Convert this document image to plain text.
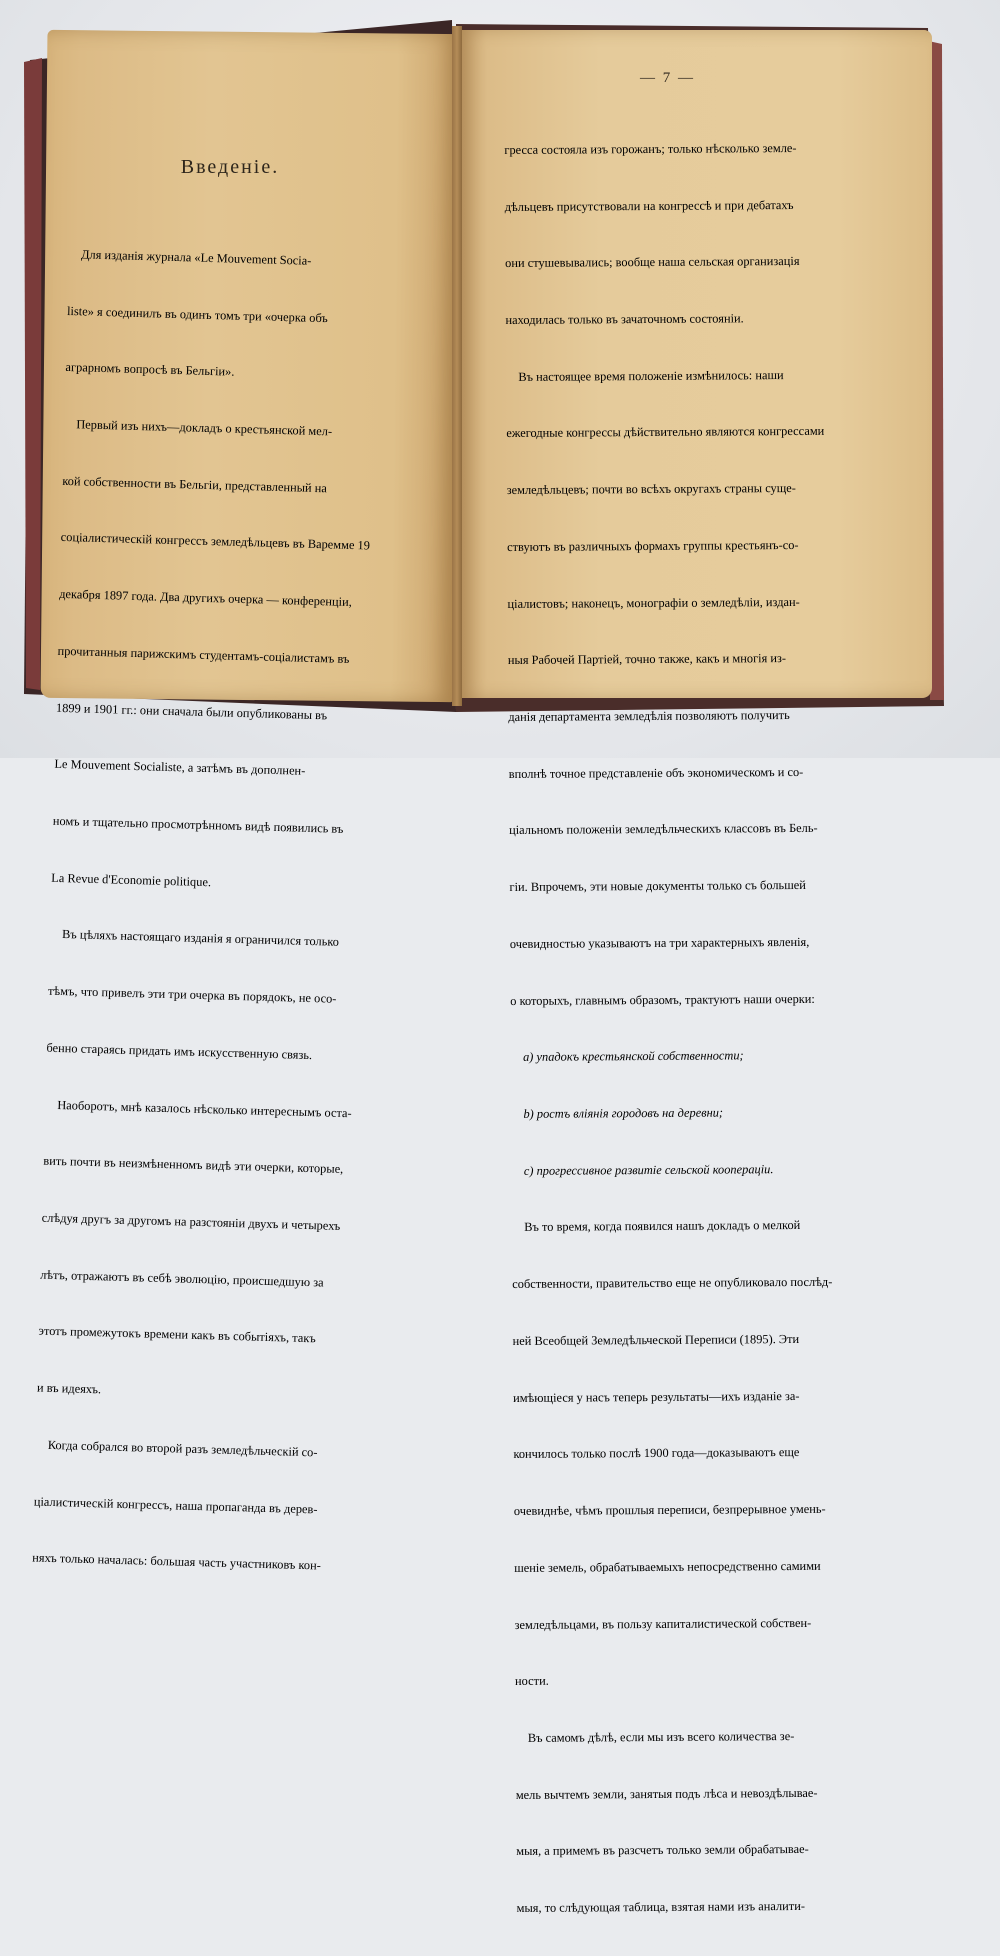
Введеніе.
— 7 —

Для изданія журнала «Le Mouvement Socia-

liste» я соединилъ въ одинъ томъ три «очерка объ

аграрномъ вопросѣ въ Бельгіи».

Первый изъ нихъ—докладъ о крестьянской мел-

кой собственности въ Бельгіи, представленный на

соціалистическій конгрессъ земледѣльцевъ въ Варемме 19

декабря 1897 года. Два другихъ очерка — конференціи,

прочитанныя парижскимъ студентамъ-соціалистамъ въ

1899 и 1901 гг.: они сначала были опубликованы въ

Le Mouvement Socialiste, а затѣмъ въ дополнен-

номъ и тщательно просмотрѣнномъ видѣ появились въ

La Revue d'Economie politique.

Въ цѣляхъ настоящаго изданія я ограничился только

тѣмъ, что привелъ эти три очерка въ порядокъ, не осо-

бенно стараясь придать имъ искусственную связь.

Наоборотъ, мнѣ казалось нѣсколько интереснымъ оста-

вить почти въ неизмѣненномъ видѣ эти очерки, которые,

слѣдуя другъ за другомъ на разстояніи двухъ и четырехъ

лѣтъ, отражаютъ въ себѣ эволюцію, происшедшую за

этотъ промежутокъ времени какъ въ событіяхъ, такъ

и въ идеяхъ.

Когда собрался во второй разъ земледѣльческій со-

ціалистическій конгрессъ, наша пропаганда въ дерев-

няхъ только началась: большая часть участниковъ кон-

гресса состояла изъ горожанъ; только нѣсколько земле-

дѣльцевъ присутствовали на конгрессѣ и при дебатахъ

они стушевывались; вообще наша сельская организація

находилась только въ зачаточномъ состояніи.

Въ настоящее время положеніе измѣнилось: наши

ежегодные конгрессы дѣйствительно являются конгрессами

земледѣльцевъ; почти во всѣхъ округахъ страны суще-

ствуютъ въ различныхъ формахъ группы крестьянъ-со-

ціалистовъ; наконецъ, монографіи о земледѣліи, издан-

ныя Рабочей Партіей, точно также, какъ и многія из-

данія департамента земледѣлія позволяютъ получить

вполнѣ точное представленіе объ экономическомъ и со-

ціальномъ положеніи земледѣльческихъ классовъ въ Бель-

гіи. Впрочемъ, эти новые документы только съ большей

очевидностью указываютъ на три характерныхъ явленія,

о которыхъ, главнымъ образомъ, трактуютъ наши очерки:

а) упадокъ крестьянской собственности;

b) ростъ вліянія городовъ на деревни;

c) прогрессивное развитіе сельской коопераціи.

Въ то время, когда появился нашъ докладъ о мелкой

собственности, правительство еще не опубликовало послѣд-

ней Всеобщей Земледѣльческой Переписи (1895). Эти

имѣющіеся у насъ теперь результаты—ихъ изданіе за-

кончилось только послѣ 1900 года—доказываютъ еще

очевиднѣе, чѣмъ прошлыя переписи, безпрерывное умень-

шеніе земель, обрабатываемыхъ непосредственно самими

земледѣльцами, въ пользу капиталистической собствен-

ности.

Въ самомъ дѣлѣ, если мы изъ всего количества зе-

мель вычтемъ земли, занятыя подъ лѣса и невоздѣлывае-

мыя, а примемъ въ разсчетъ только земли обрабатывае-

мыя, то слѣдующая таблица, взятая нами изъ аналити-
